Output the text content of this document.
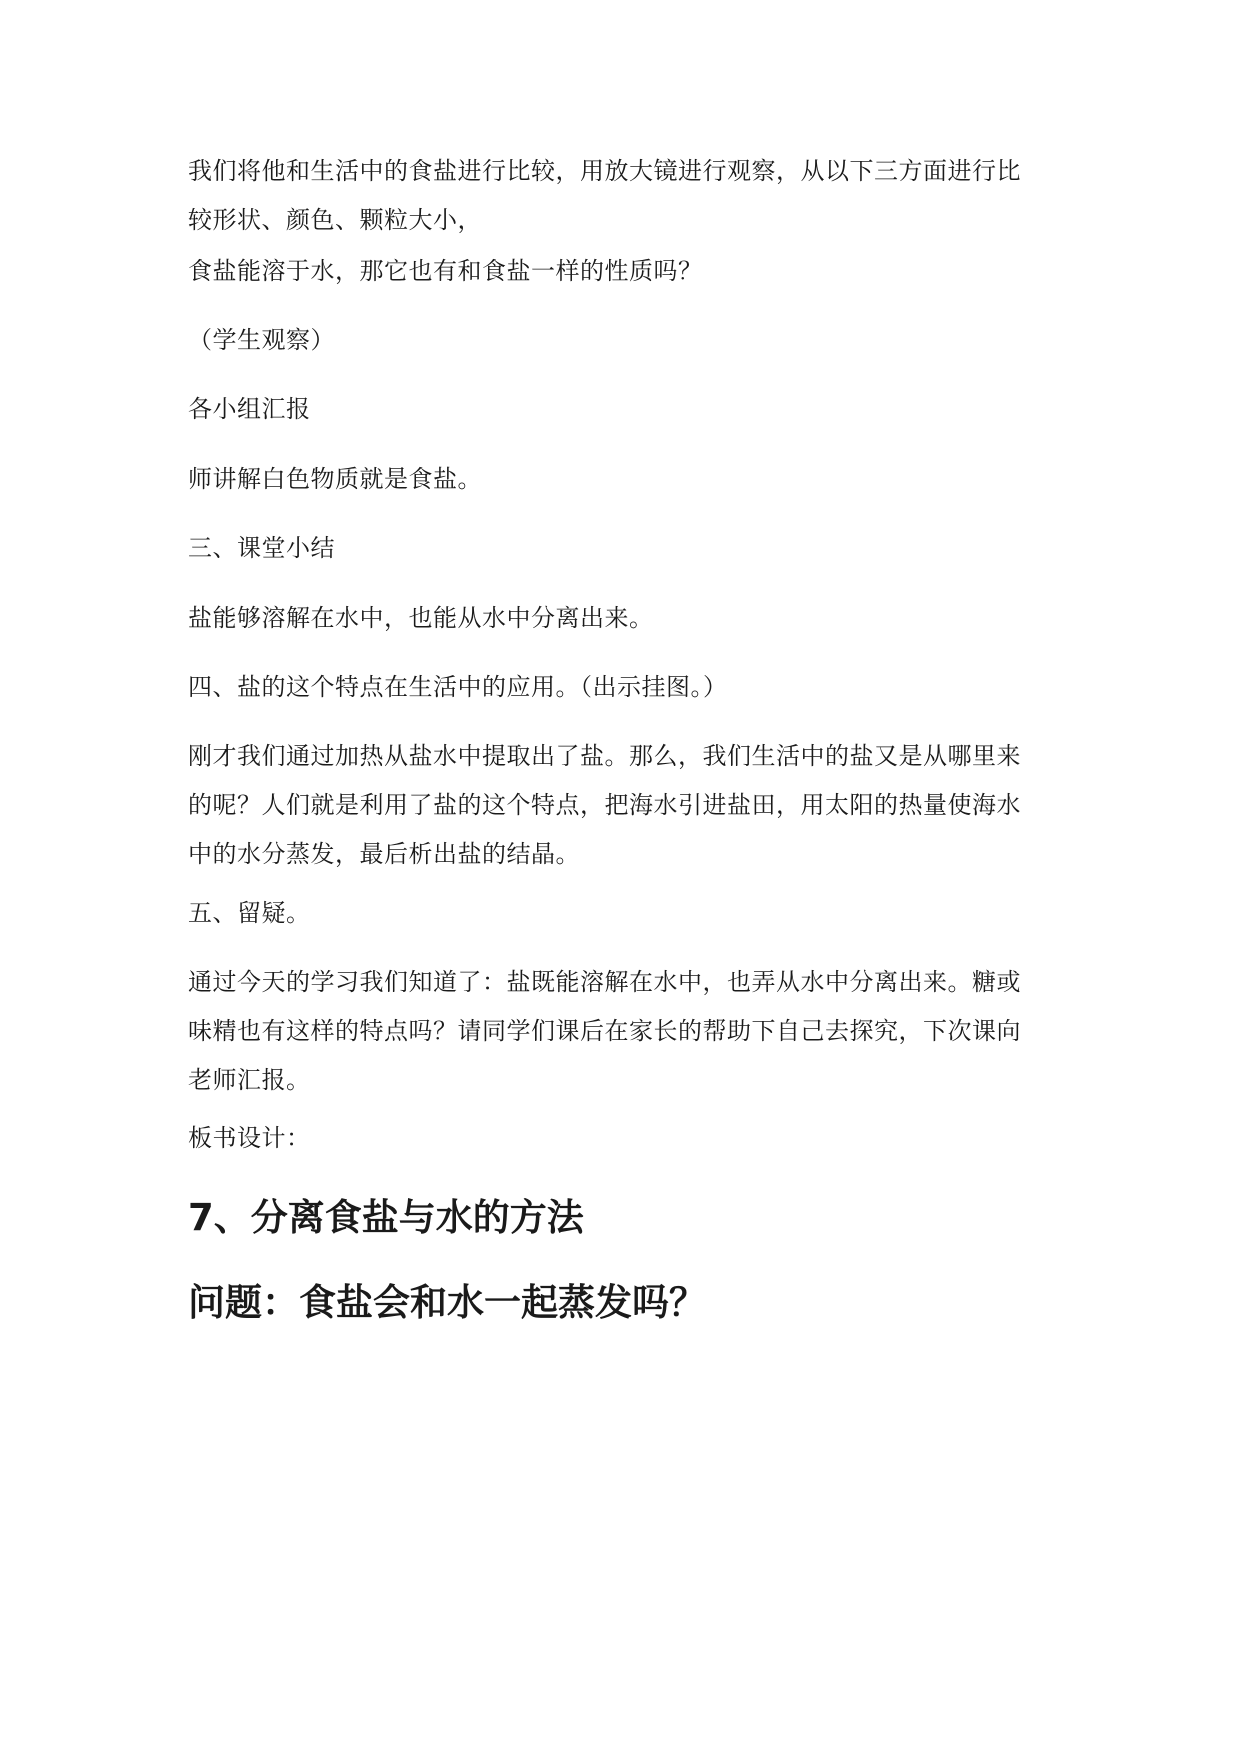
我们将他和生活中的食盐进行比较，用放大镜进行观察，从以下三方面进行比
较形状、颜色、颗粒大小，

食盐能溶于水，那它也有和食盐一样的性质吗？

（学生观察）

各小组汇报

师讲解白色物质就是食盐。

三、课堂小结

盐能够溶解在水中，也能从水中分离出来。

四、盐的这个特点在生活中的应用。（出示挂图。）

刚才我们通过加热从盐水中提取出了盐。那么，我们生活中的盐又是从哪里来
的呢？人们就是利用了盐的这个特点，把海水引进盐田，用太阳的热量使海水
中的水分蒸发，最后析出盐的结晶。

五、留疑。

通过今天的学习我们知道了：盐既能溶解在水中，也弄从水中分离出来。糖或
味精也有这样的特点吗？请同学们课后在家长的帮助下自己去探究，下次课向
老师汇报。

板书设计：

7、分离食盐与水的方法
问题：食盐会和水一起蒸发吗？
